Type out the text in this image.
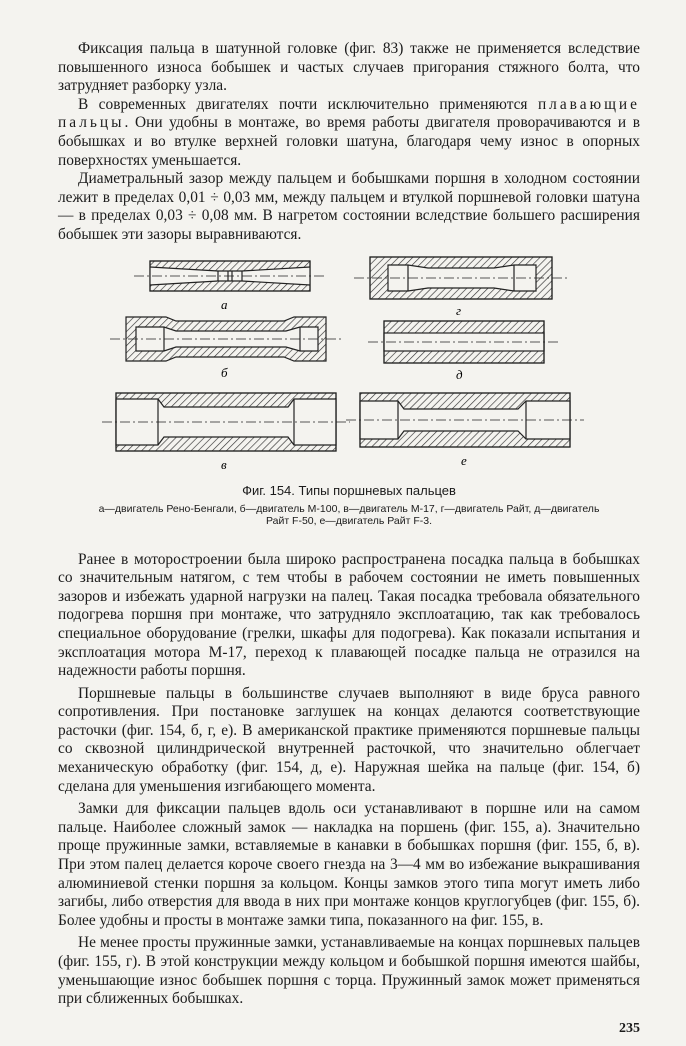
Фиксация пальца в шатунной головке (фиг. 83) также не применяется вследствие повышенного износа бобышек и частых случаев пригорания стяжного болта, что затрудняет разборку узла.

В современных двигателях почти исключительно применяются плавающие пальцы. Они удобны в монтаже, во время работы двигателя проворачиваются и в бобышках и во втулке верхней головки шатуна, благодаря чему износ в опорных поверхностях уменьшается.

Диаметральный зазор между пальцем и бобышками поршня в холодном состоянии лежит в пределах 0,01 ÷ 0,03 мм, между пальцем и втулкой поршневой головки шатуна — в пределах 0,03 ÷ 0,08 мм. В нагретом состоянии вследствие большего расширения бобышек эти зазоры выравниваются.

а	г
б	д
в	е
Фиг. 154. Типы поршневых пальцев
а—двигатель Рено-Бенгали, б—двигатель М-100, в—двигатель М-17, г—двигатель Райт, д—двигатель Райт F-50, е—двигатель Райт F-3.

Ранее в моторостроении была широко распространена посадка пальца в бобышках со значительным натягом, с тем чтобы в рабочем состоянии не иметь повышенных зазоров и избежать ударной нагрузки на палец. Такая посадка требовала обязательного подогрева поршня при монтаже, что затрудняло эксплоатацию, так как требовалось специальное оборудование (грелки, шкафы для подогрева). Как показали испытания и эксплоатация мотора М-17, переход к плавающей посадке пальца не отразился на надежности работы поршня.

Поршневые пальцы в большинстве случаев выполняют в виде бруса равного сопротивления. При постановке заглушек на концах делаются соответствующие расточки (фиг. 154, б, г, е). В американской практике применяются поршневые пальцы со сквозной цилиндрической внутренней расточкой, что значительно облегчает механическую обработку (фиг. 154, д, е). Наружная шейка на пальце (фиг. 154, б) сделана для уменьшения изгибающего момента.

Замки для фиксации пальцев вдоль оси устанавливают в поршне или на самом пальце. Наиболее сложный замок — накладка на поршень (фиг. 155, а). Значительно проще пружинные замки, вставляемые в канавки в бобышках поршня (фиг. 155, б, в). При этом палец делается короче своего гнезда на 3—4 мм во избежание выкрашивания алюминиевой стенки поршня за кольцом. Концы замков этого типа могут иметь либо загибы, либо отверстия для ввода в них при монтаже концов круглогубцев (фиг. 155, б). Более удобны и просты в монтаже замки типа, показанного на фиг. 155, в.

Не менее просты пружинные замки, устанавливаемые на концах поршневых пальцев (фиг. 155, г). В этой конструкции между кольцом и бобышкой поршня имеются шайбы, уменьшающие износ бобышек поршня с торца. Пружинный замок может применяться при сближенных бобышках.

235
